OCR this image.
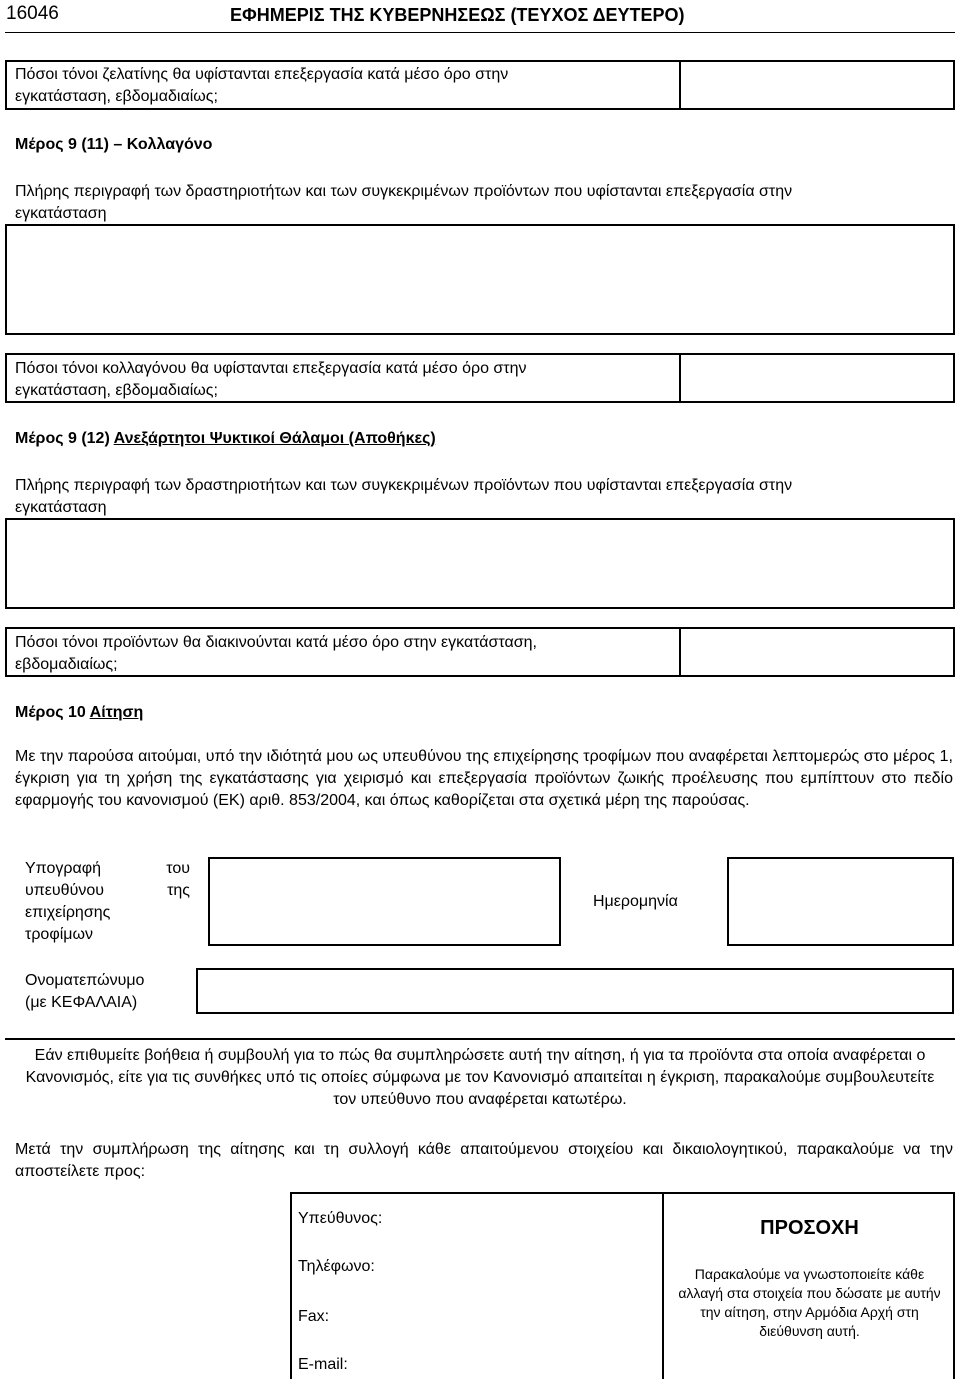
16046	ΕΦΗΜΕΡΙΣ ΤΗΣ ΚΥΒΕΡΝΗΣΕΩΣ (ΤΕΥΧΟΣ ΔΕΥΤΕΡΟ)
Πόσοι τόνοι ζελατίνης θα υφίστανται επεξεργασία κατά μέσο όρο στην
εγκατάσταση, εβδομαδιαίως;
Μέρος 9 (11) – Κολλαγόνο
Πλήρης περιγραφή των δραστηριοτήτων και των συγκεκριμένων προϊόντων που υφίστανται επεξεργασία στην
εγκατάσταση
Πόσοι τόνοι κολλαγόνου θα υφίστανται επεξεργασία κατά μέσο όρο στην
εγκατάσταση, εβδομαδιαίως;
Μέρος 9 (12) Ανεξάρτητοι Ψυκτικοί Θάλαμοι (Αποθήκες)
Πλήρης περιγραφή των δραστηριοτήτων και των συγκεκριμένων προϊόντων που υφίστανται επεξεργασία στην
εγκατάσταση
Πόσοι τόνοι προϊόντων θα διακινούνται κατά μέσο όρο στην εγκατάσταση,
εβδομαδιαίως;
Μέρος 10 Αίτηση
Με την παρούσα αιτούμαι, υπό την ιδιότητά μου ως υπευθύνου της επιχείρησης τροφίμων που αναφέρεται λεπτομερώς στο μέρος 1, έγκριση για τη χρήση της εγκατάστασης για χειρισμό και επεξεργασία προϊόντων ζωικής προέλευσης που εμπίπτουν στο πεδίο εφαρμογής του κανονισμού (ΕΚ) αριθ. 853/2004, και όπως καθορίζεται στα σχετικά μέρη της παρούσας.
Υπογραφή	του
υπευθύνου	της
επιχείρησης
τροφίμων
Ημερομηνία
Ονοματεπώνυμο
(με ΚΕΦΑΛΑΙΑ)
Εάν επιθυμείτε βοήθεια ή συμβουλή για το πώς θα συμπληρώσετε αυτή την αίτηση, ή για τα προϊόντα στα οποία αναφέρεται ο Κανονισμός, είτε για τις συνθήκες υπό τις οποίες σύμφωνα με τον Κανονισμό απαιτείται η έγκριση, παρακαλούμε συμβουλευτείτε τον υπεύθυνο που αναφέρεται κατωτέρω.
Μετά την συμπλήρωση της αίτησης και τη συλλογή κάθε απαιτούμενου στοιχείου και δικαιολογητικού, παρακαλούμε να την αποστείλετε προς:
Υπεύθυνος:
Τηλέφωνο:
Fax:
E-mail:
ΠΡΟΣΟΧΗ
Παρακαλούμε να γνωστοποιείτε κάθε αλλαγή στα στοιχεία που δώσατε με αυτήν την αίτηση, στην Αρμόδια Αρχή στη διεύθυνση αυτή.
